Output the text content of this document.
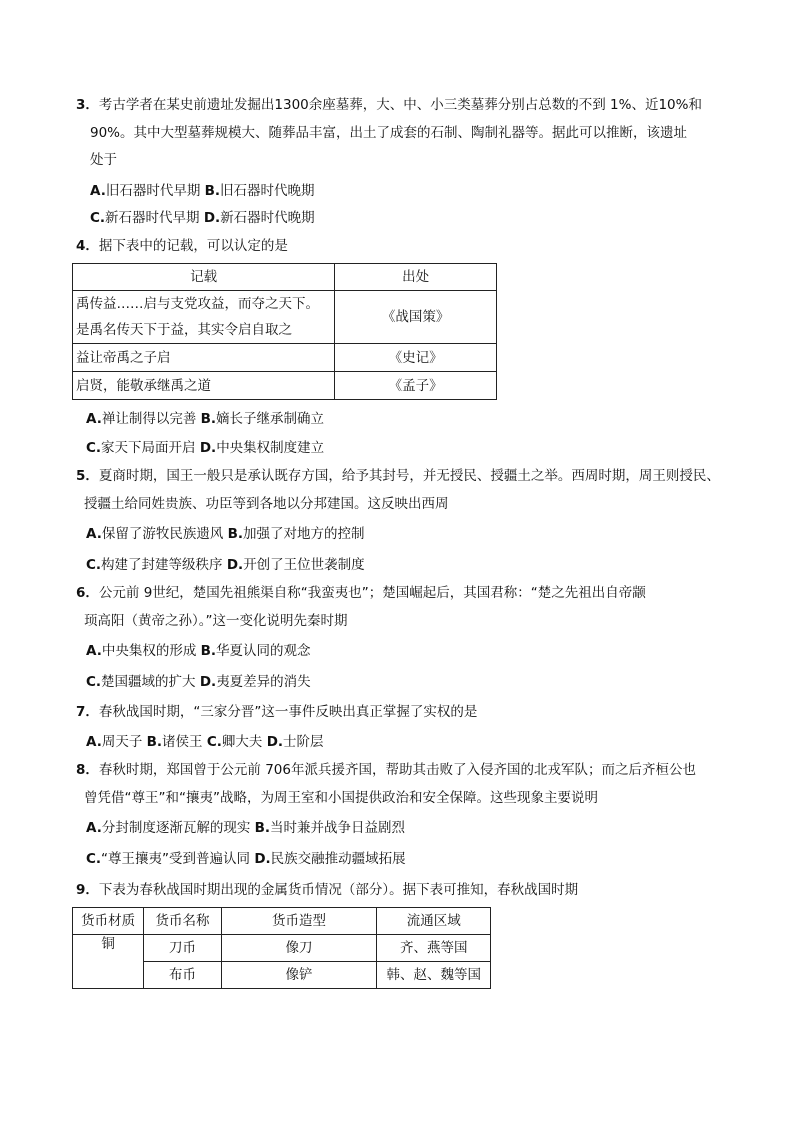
3．考古学者在某史前遗址发掘出1300余座墓葬，大、中、小三类墓葬分别占总数的不到 1%、近10%和
90%。其中大型墓葬规模大、随葬品丰富，出土了成套的石制、陶制礼器等。据此可以推断，该遗址
处于
A.旧石器时代早期 B.旧石器时代晚期
C.新石器时代早期 D.新石器时代晚期
4．据下表中的记载，可以认定的是
记载	出处

禹传益……启与支党攻益，而夺之天下。
是禹名传天下于益，其实令启自取之	《战国策》
益让帝禹之子启	《史记》
启贤，能敬承继禹之道	《孟子》
A.禅让制得以完善 B.嫡长子继承制确立
C.家天下局面开启 D.中央集权制度建立
5．夏商时期，国王一般只是承认既存方国，给予其封号，并无授民、授疆土之举。西周时期，周王则授民、
授疆土给同姓贵族、功臣等到各地以分邦建国。这反映出西周
A.保留了游牧民族遗风 B.加强了对地方的控制
C.构建了封建等级秩序 D.开创了王位世袭制度
6．公元前 9世纪，楚国先祖熊渠自称“我蛮夷也”；楚国崛起后，其国君称：“楚之先祖出自帝颛
顼高阳（黄帝之孙）。”这一变化说明先秦时期
A.中央集权的形成 B.华夏认同的观念
C.楚国疆域的扩大 D.夷夏差异的消失
7．春秋战国时期，“三家分晋”这一事件反映出真正掌握了实权的是
A.周天子 B.诸侯王 C.卿大夫 D.士阶层
8．春秋时期，郑国曾于公元前 706年派兵援齐国，帮助其击败了入侵齐国的北戎军队；而之后齐桓公也
曾凭借“尊王”和“攘夷”战略，为周王室和小国提供政治和安全保障。这些现象主要说明
A.分封制度逐渐瓦解的现实 B.当时兼并战争日益剧烈
C.“尊王攘夷”受到普遍认同 D.民族交融推动疆域拓展
9．下表为春秋战国时期出现的金属货币情况（部分）。据下表可推知，春秋战国时期
货币材质	货币名称	货币造型	流通区域
铜	刀币	像刀	齐、燕等国
	布币	像铲	韩、赵、魏等国
